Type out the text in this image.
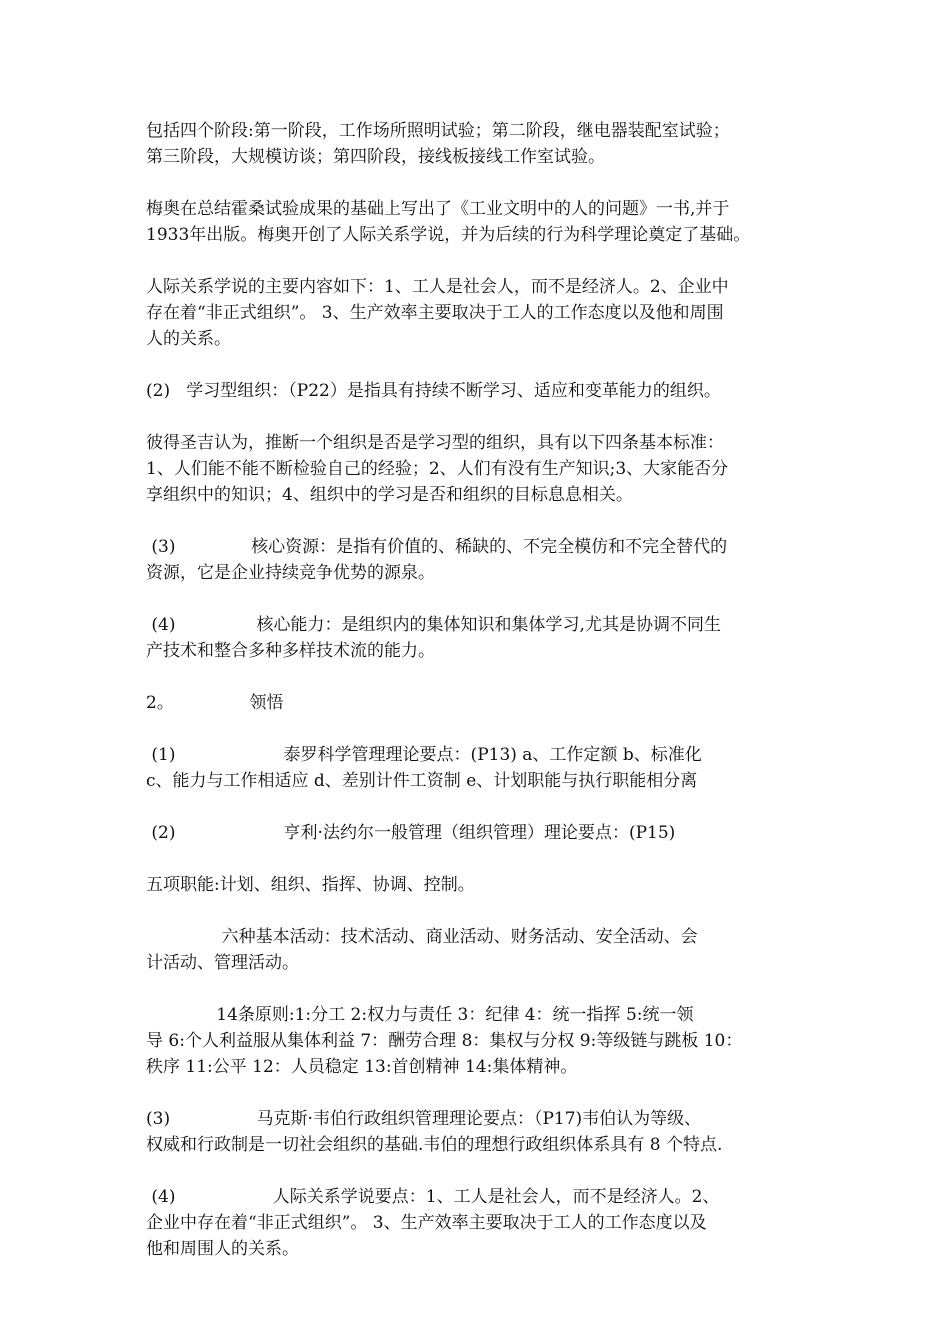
包括四个阶段:第一阶段，工作场所照明试验；第二阶段，继电器装配室试验；
第三阶段，大规模访谈；第四阶段，接线板接线工作室试验。

梅奥在总结霍桑试验成果的基础上写出了《工业文明中的人的问题》一书,并于
1933年出版。梅奥开创了人际关系学说，并为后续的行为科学理论奠定了基础。

人际关系学说的主要内容如下：1、工人是社会人，而不是经济人。2、企业中
存在着“非正式组织”。 3、生产效率主要取决于工人的工作态度以及他和周围
人的关系。

(2)   学习型组织：（P22）是指具有持续不断学习、适应和变革能力的组织。

彼得圣吉认为，推断一个组织是否是学习型的组织，具有以下四条基本标准：
1、人们能不能不断检验自己的经验；2、人们有没有生产知识;3、大家能否分
享组织中的知识；4、组织中的学习是否和组织的目标息息相关。

(3)              核心资源：是指有价值的、稀缺的、不完全模仿和不完全替代的
资源，它是企业持续竞争优势的源泉。

(4)               核心能力：是组织内的集体知识和集体学习,尤其是协调不同生
产技术和整合多种多样技术流的能力。

2。              领悟

(1)                    泰罗科学管理理论要点：(P13) a、工作定额 b、标准化
c、能力与工作相适应 d、差别计件工资制 e、计划职能与执行职能相分离

(2)                    亨利·法约尔一般管理（组织管理）理论要点：(P15)

五项职能:计划、组织、指挥、协调、控制。

六种基本活动：技术活动、商业活动、财务活动、安全活动、会
计活动、管理活动。

14条原则:1:分工 2:权力与责任 3：纪律 4：统一指挥 5:统一领
导 6:个人利益服从集体利益 7：酬劳合理 8：集权与分权 9:等级链与跳板 10：
秩序 11:公平 12：人员稳定 13:首创精神 14:集体精神。

(3)                马克斯·韦伯行政组织管理理论要点：（P17)韦伯认为等级、
权威和行政制是一切社会组织的基础.韦伯的理想行政组织体系具有 8 个特点.

(4)                  人际关系学说要点：1、工人是社会人，而不是经济人。2、
企业中存在着“非正式组织”。 3、生产效率主要取决于工人的工作态度以及
他和周围人的关系。
